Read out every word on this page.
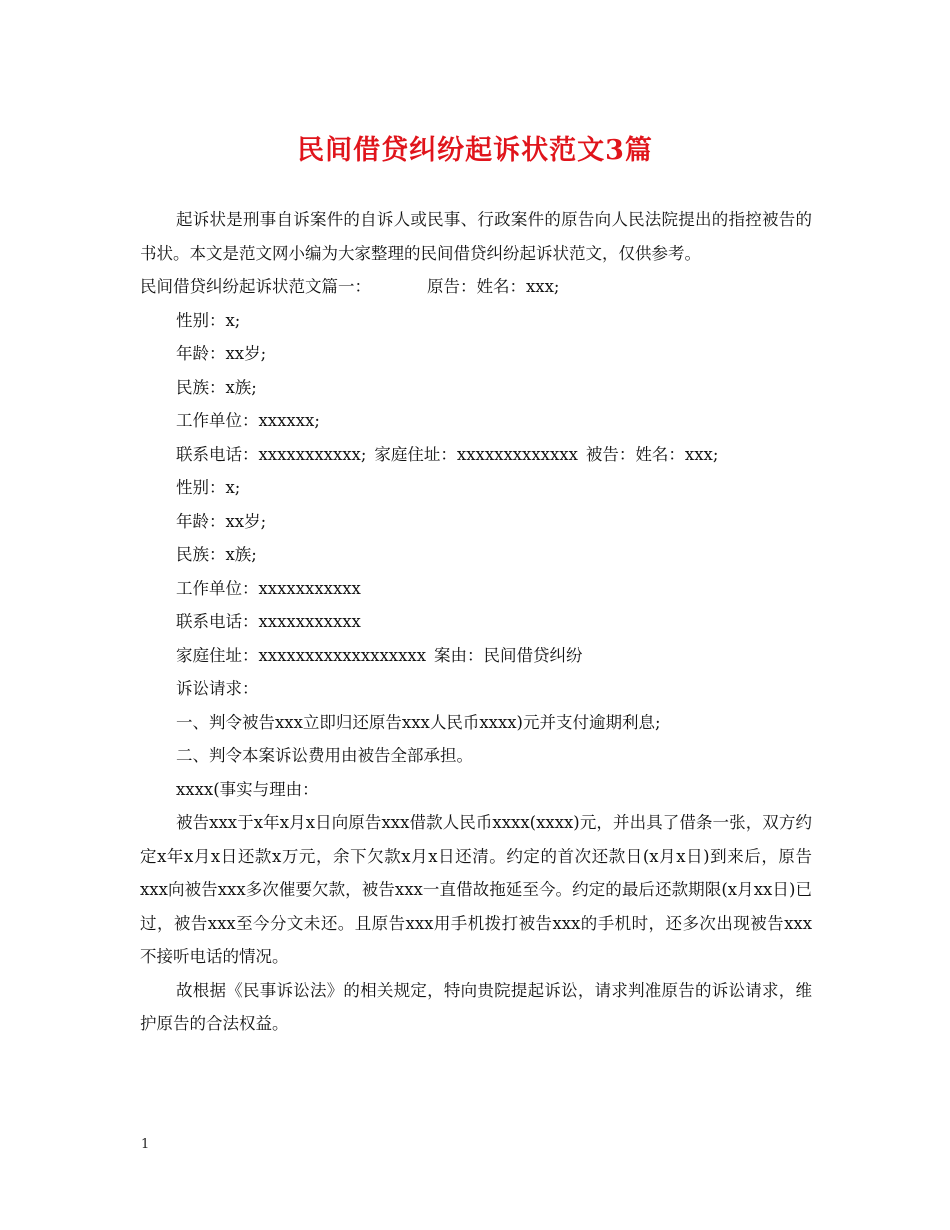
民间借贷纠纷起诉状范文3篇

起诉状是刑事自诉案件的自诉人或民事、行政案件的原告向人民法院提出的指控被告的书状。本文是范文网小编为大家整理的民间借贷纠纷起诉状范文，仅供参考。

民间借贷纠纷起诉状范文篇一：	原告：姓名：xxx;

性别：x;

年龄：xx岁;

民族：x族;

工作单位：xxxxxx;

联系电话：xxxxxxxxxxx; 家庭住址：xxxxxxxxxxxxx 被告：姓名：xxx;

性别：x;

年龄：xx岁;

民族：x族;

工作单位：xxxxxxxxxxx

联系电话：xxxxxxxxxxx

家庭住址：xxxxxxxxxxxxxxxxxx 案由：民间借贷纠纷

诉讼请求：

一、判令被告xxx立即归还原告xxx人民币xxxx)元并支付逾期利息;

二、判令本案诉讼费用由被告全部承担。

xxxx(事实与理由：

被告xxx于x年x月x日向原告xxx借款人民币xxxx(xxxx)元，并出具了借条一张，双方约定x年x月x日还款x万元，余下欠款x月x日还清。约定的首次还款日(x月x日)到来后，原告xxx向被告xxx多次催要欠款，被告xxx一直借故拖延至今。约定的最后还款期限(x月xx日)已过，被告xxx至今分文未还。且原告xxx用手机拨打被告xxx的手机时，还多次出现被告xxx不接听电话的情况。

故根据《民事诉讼法》的相关规定，特向贵院提起诉讼，请求判准原告的诉讼请求，维护原告的合法权益。

1
